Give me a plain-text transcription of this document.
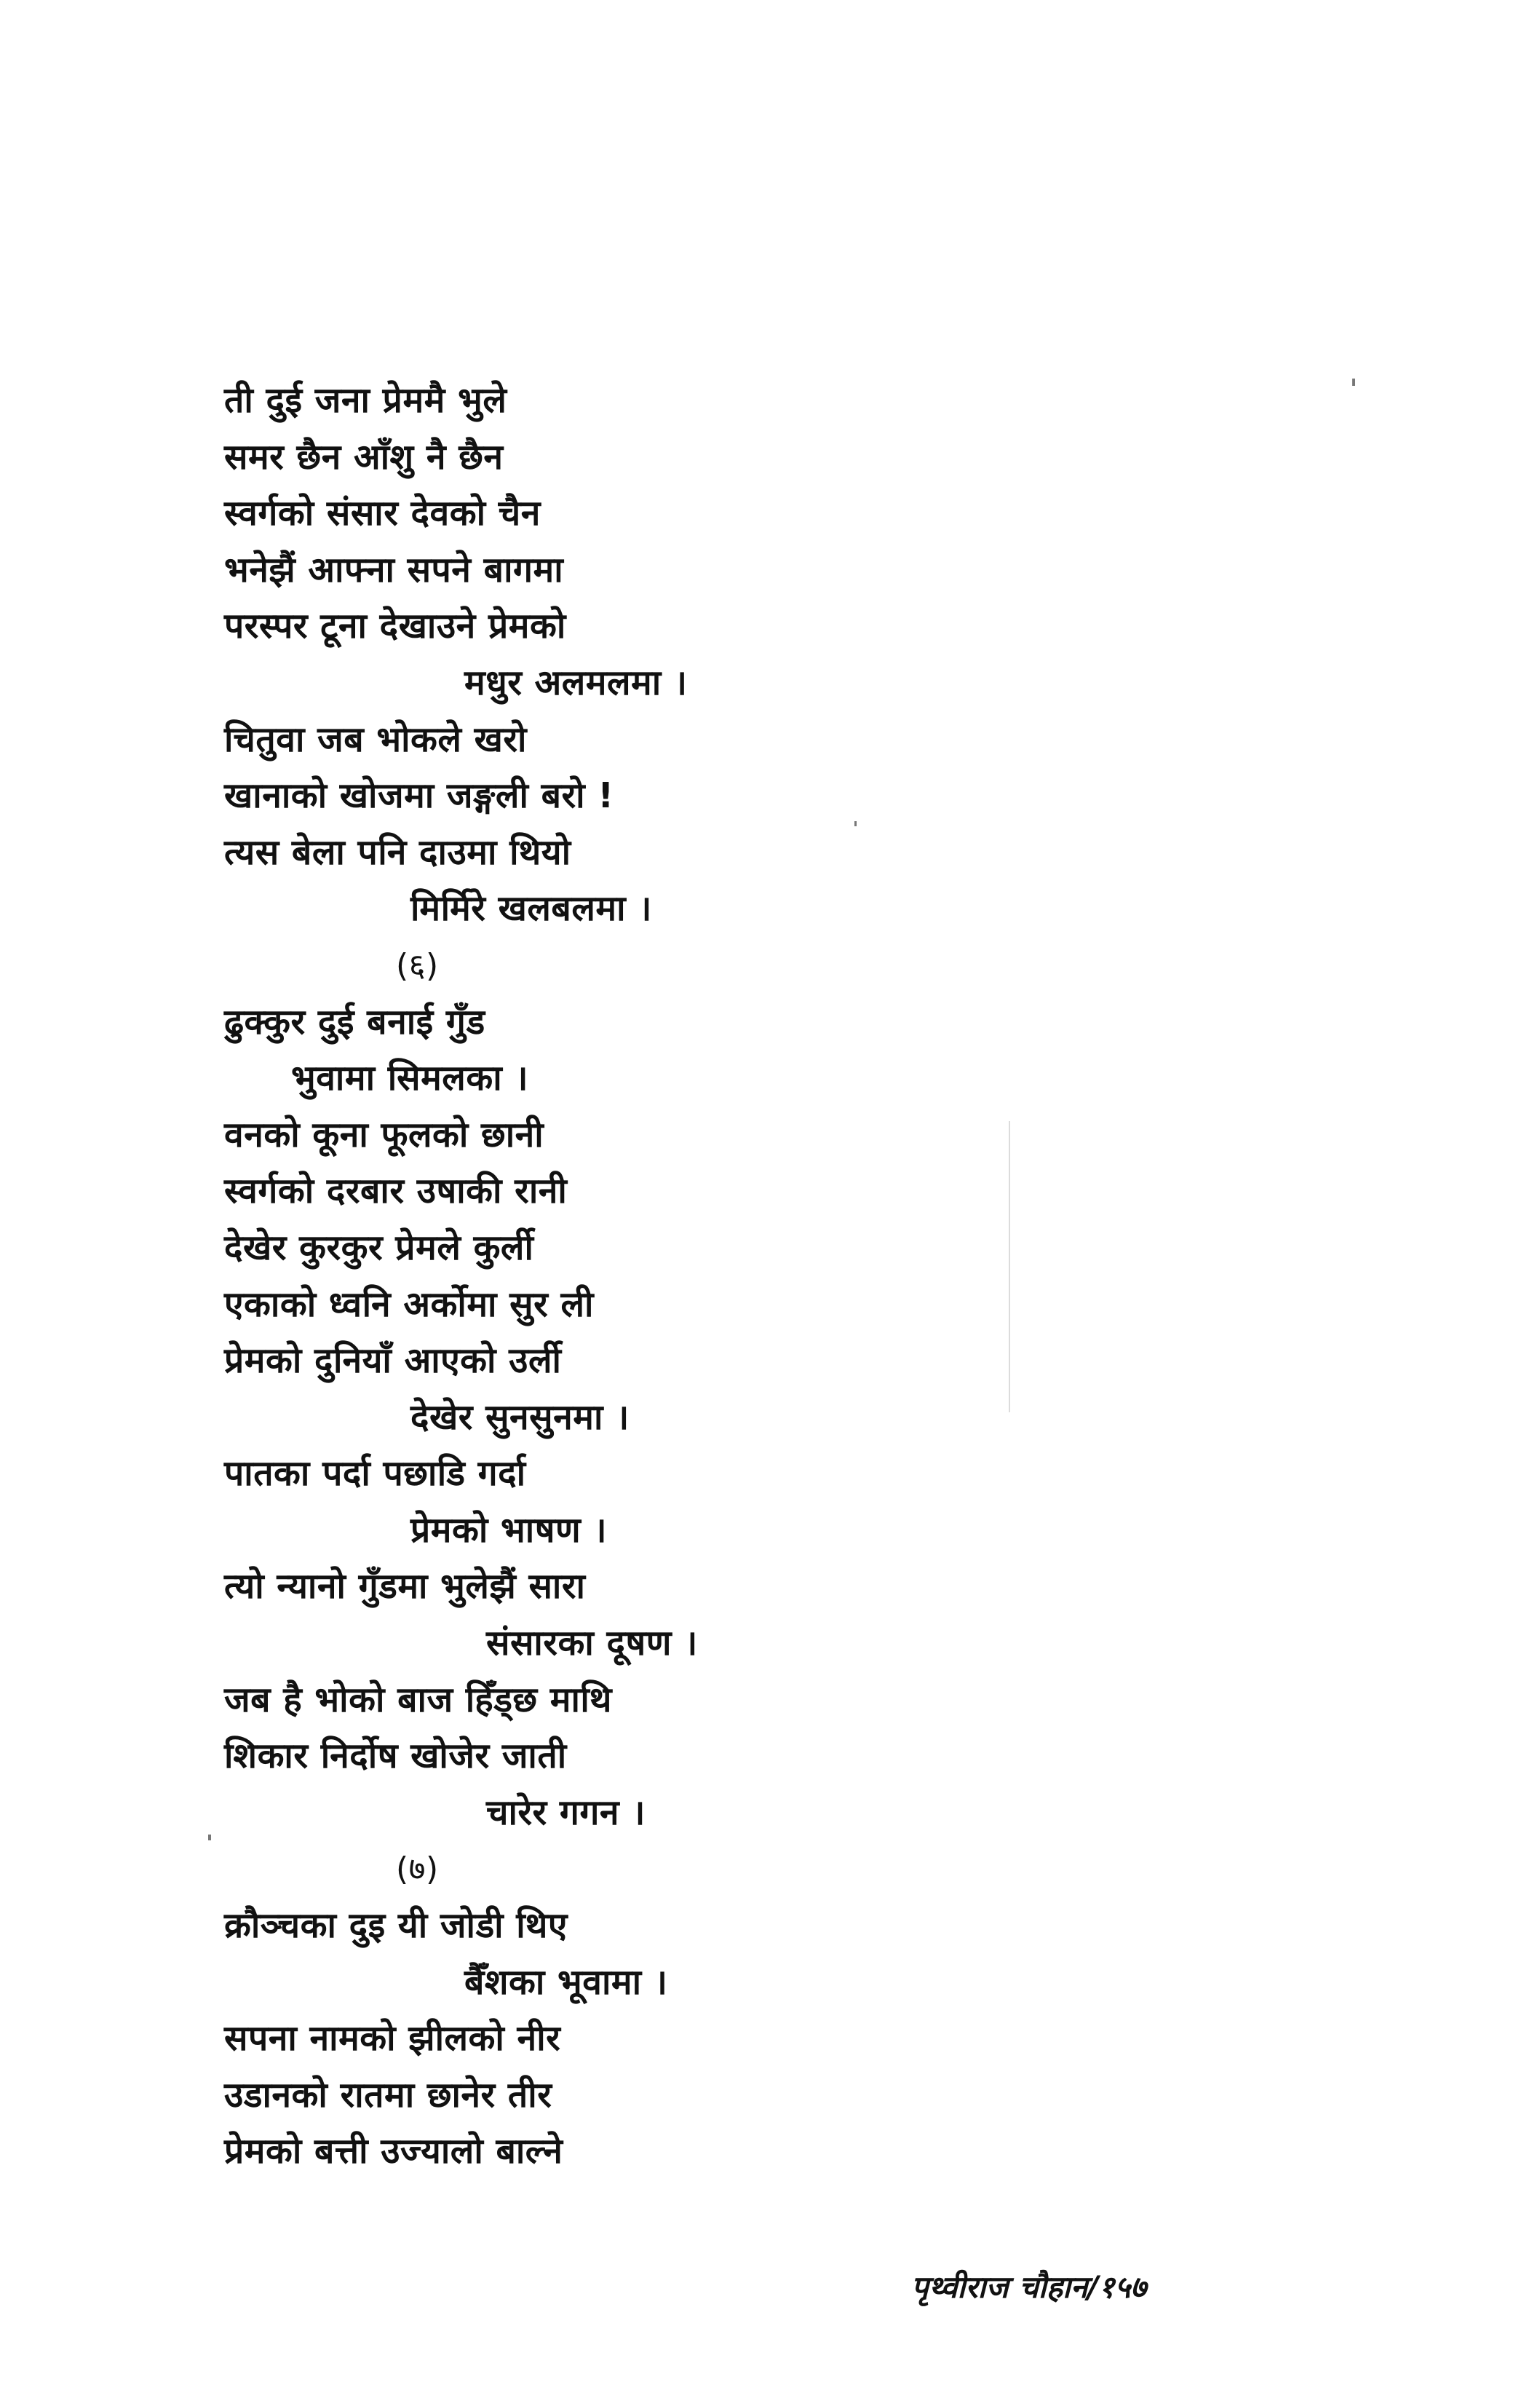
ती दुई जना प्रेममै भुले
समर छैन आँशु नै छैन
स्वर्गको संसार देवको चैन
भनेझैं आफ्ना सपने बागमा
परस्पर टूना देखाउने प्रेमको
मधुर अलमलमा ।
चितुवा जब भोकले खरो
खानाको खोजमा जङ्गली बरो !
त्यस बेला पनि दाउमा थियो
मिर्मिरे खलबलमा ।
(६)
ढुक्कुर दुई बनाई गुँड
भुवामा सिमलका ।
वनको कूना फूलको छानी
स्वर्गको दरबार उषाकी रानी
देखेर कुरकुर प्रेमले कुर्ली
एकाको ध्वनि अर्कोमा सुर ली
प्रेमको दुनियाँ आएको उर्ली
देखेर सुनसुनमा ।
पातका पर्दा पछाडि गर्दा
प्रेमको भाषण ।
त्यो न्यानो गुँडमा भुलेझैं सारा
संसारका दूषण ।
जब है भोको बाज हिँड्छ माथि
शिकार निर्दोष खोजेर जाती
चारेर गगन ।
(७)
क्रौञ्चका दुइ यी जोडी थिए
बैँशका भूवामा ।
सपना नामको झीलको नीर
उडानको रातमा छानेर तीर
प्रेमको बत्ती उज्यालो बाल्ने
पृथ्वीराज चौहान/१५७
